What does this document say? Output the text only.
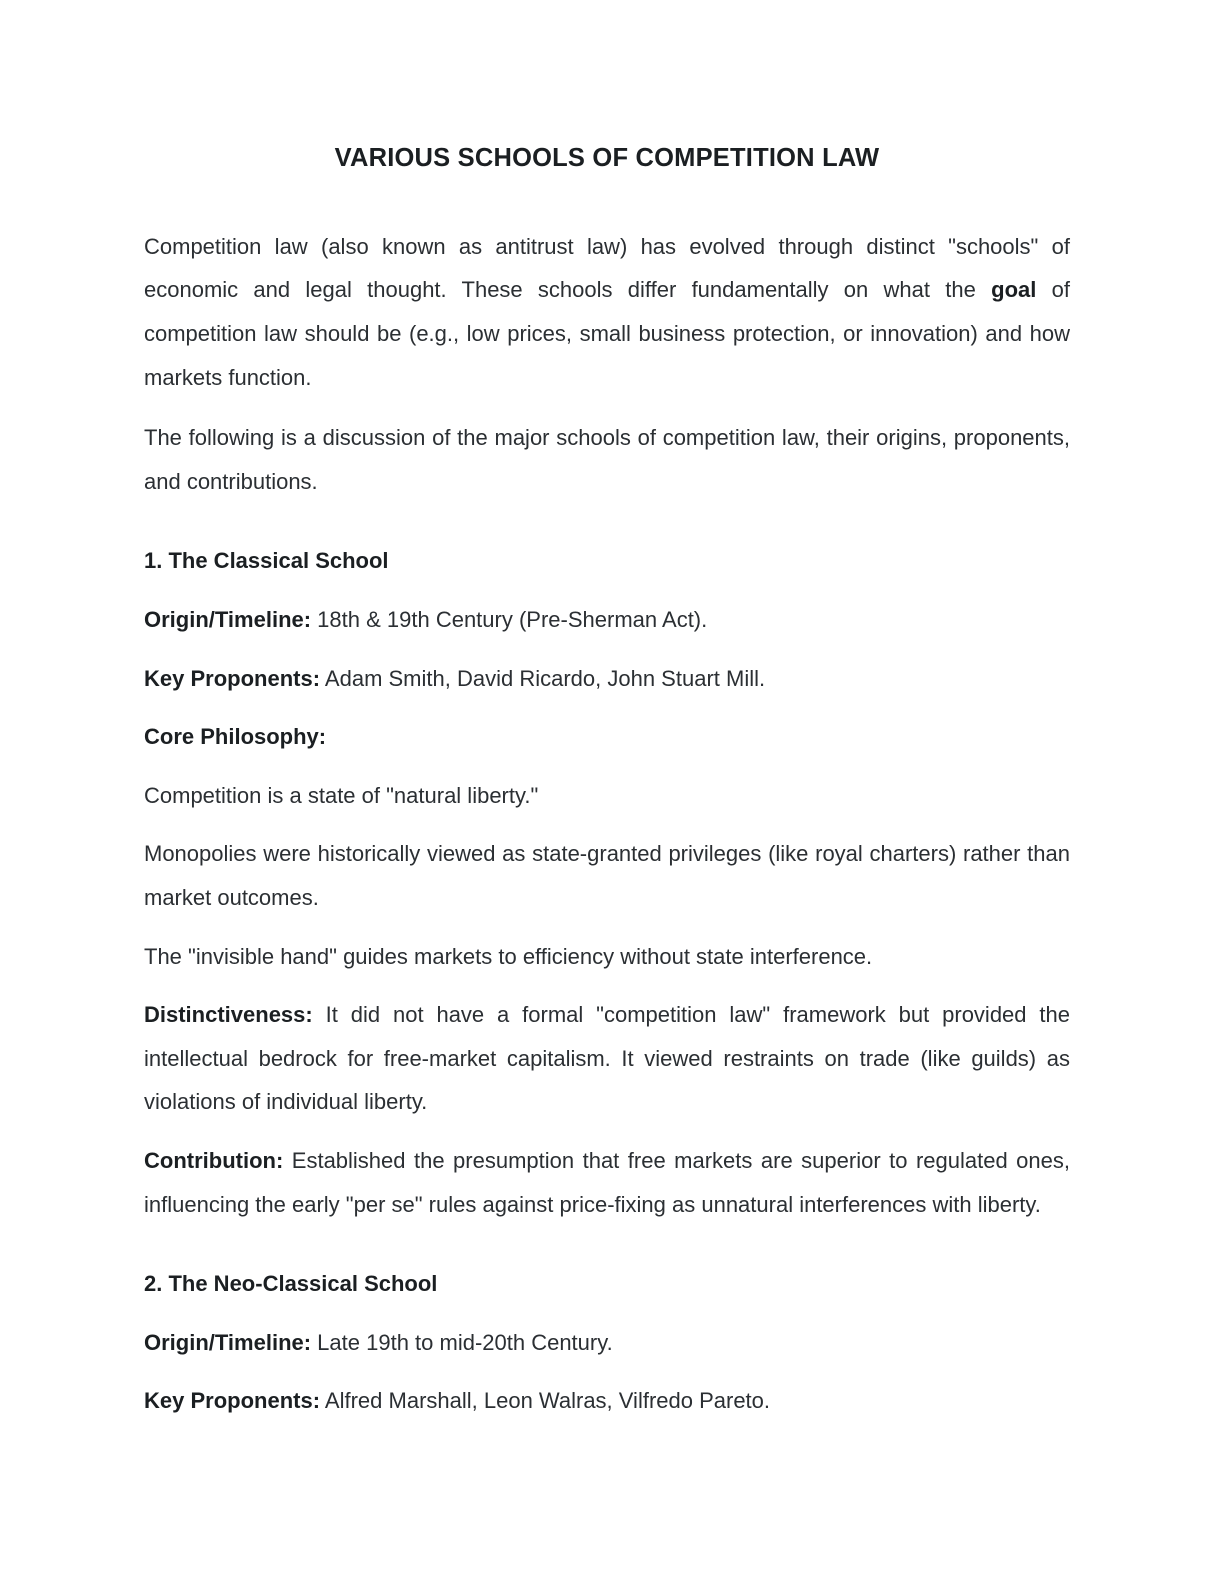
VARIOUS SCHOOLS OF COMPETITION LAW

Competition law (also known as antitrust law) has evolved through distinct "schools" of economic and legal thought. These schools differ fundamentally on what the goal of competition law should be (e.g., low prices, small business protection, or innovation) and how markets function.

The following is a discussion of the major schools of competition law, their origins, proponents, and contributions.

1. The Classical School

Origin/Timeline: 18th & 19th Century (Pre-Sherman Act).

Key Proponents: Adam Smith, David Ricardo, John Stuart Mill.

Core Philosophy:

Competition is a state of "natural liberty."

Monopolies were historically viewed as state-granted privileges (like royal charters) rather than market outcomes.

The "invisible hand" guides markets to efficiency without state interference.

Distinctiveness: It did not have a formal "competition law" framework but provided the intellectual bedrock for free-market capitalism. It viewed restraints on trade (like guilds) as violations of individual liberty.

Contribution: Established the presumption that free markets are superior to regulated ones, influencing the early "per se" rules against price-fixing as unnatural interferences with liberty.

2. The Neo-Classical School

Origin/Timeline: Late 19th to mid-20th Century.

Key Proponents: Alfred Marshall, Leon Walras, Vilfredo Pareto.
